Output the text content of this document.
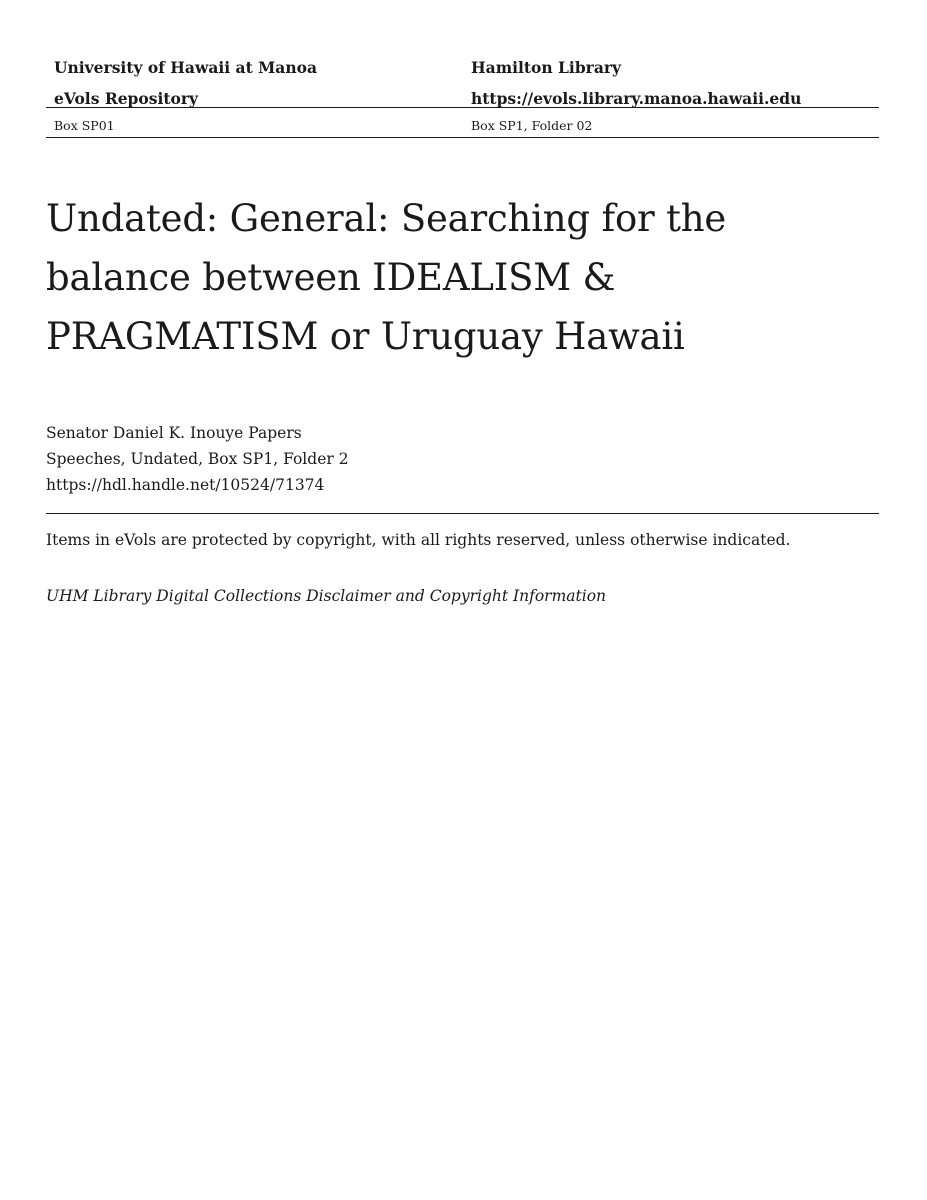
University of Hawaii at Manoa
eVols Repository
Hamilton Library
https://evols.library.manoa.hawaii.edu
Box SP01	Box SP1, Folder 02
Undated: General: Searching for the
balance between IDEALISM &
PRAGMATISM or Uruguay Hawaii
Senator Daniel K. Inouye Papers
Speeches, Undated, Box SP1, Folder 2
https://hdl.handle.net/10524/71374
Items in eVols are protected by copyright, with all rights reserved, unless otherwise indicated.
UHM Library Digital Collections Disclaimer and Copyright Information
